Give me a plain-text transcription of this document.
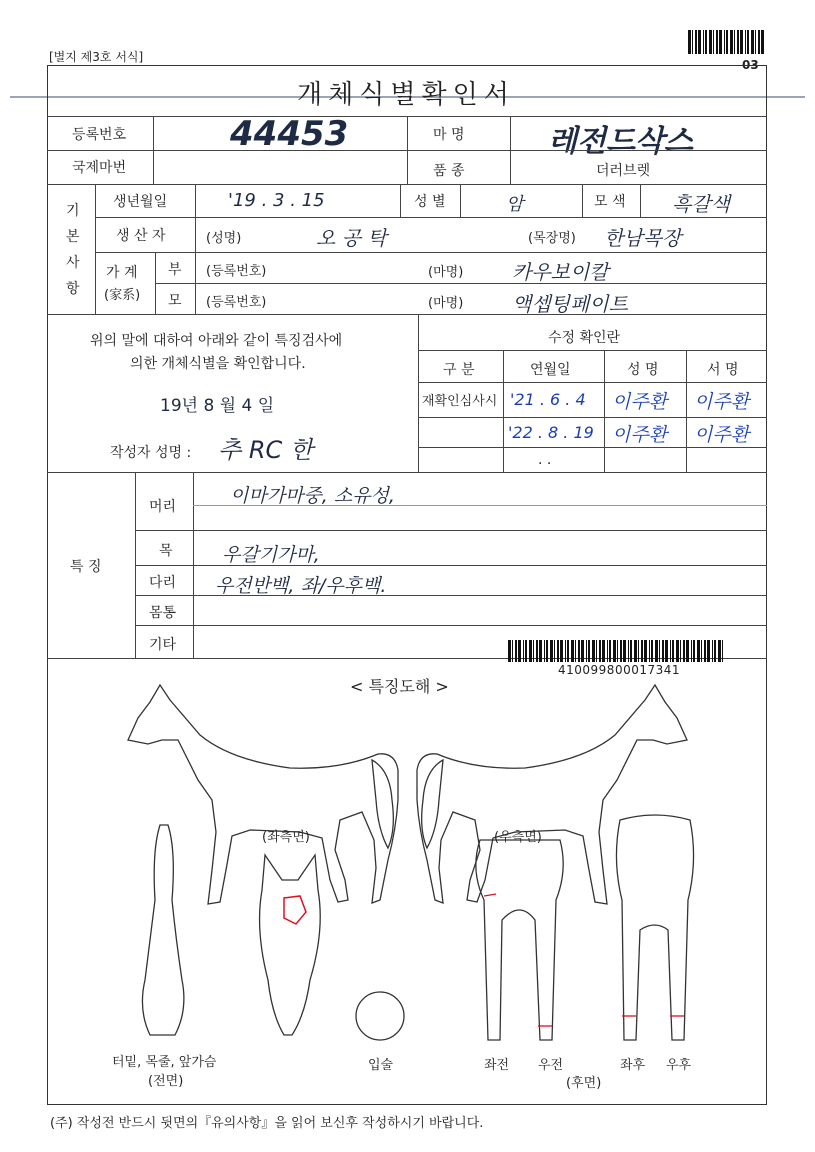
03
[별지 제3호 서식]
개체식별확인서
등록번호	44453	마 명	레전드삭스
국제마번	품 종	더러브렛
기본사항
생년월일	'19 . 3 . 15	성 별	암	모 색 흑갈색
생 산 자	(성명)	오 공 탁	(목장명) 한남목장
가 계
(家系)
부 (등록번호)	(마명) 카우보이칼
모 (등록번호)	(마명) 액셉팅페이트
위의 말에 대하여 아래와 같이 특징검사에
의한 개체식별을 확인합니다.
19년 8 월 4 일
작성자 성명 : 추 RC 한
수정 확인란
구 분	연월일	성 명	서 명
재확인심사시 '21 . 6 . 4 이주환 이주환
'22 . 8 . 19 이주환 이주환
. .
특 징
머리	이마가마중, 소유성,
목	우갈기가마,
다리 우전반백, 좌/우후백.
몸통
기타
410099800017341
< 특징도해 >
(좌측면)	(우측면)
터밑, 목줄, 앞가슴
(전면)
입술	좌전 우전
(후면)
좌후 우후
(주) 작성전 반드시 뒷면의『유의사항』을 읽어 보신후 작성하시기 바랍니다.
